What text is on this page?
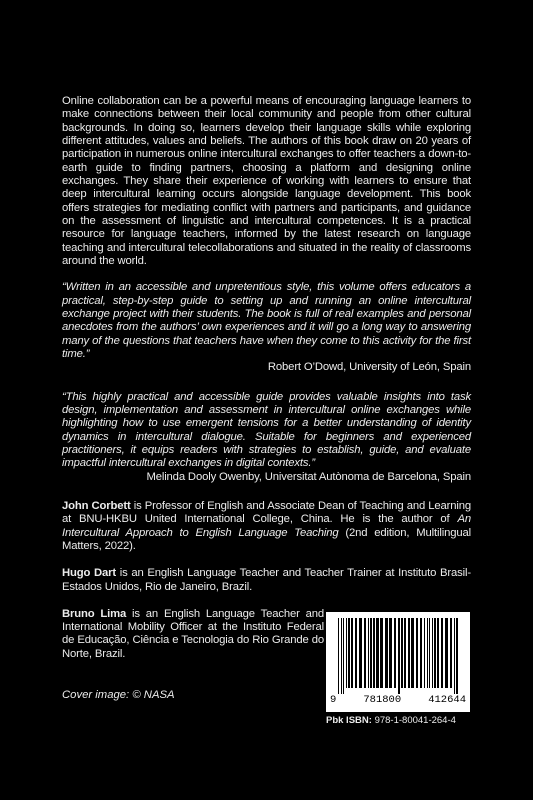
Online collaboration can be a powerful means of encouraging language learners to make connections between their local community and people from other cultural backgrounds. In doing so, learners develop their language skills while exploring different attitudes, values and beliefs. The authors of this book draw on 20 years of participation in numerous online intercultural exchanges to offer teachers a down-to-earth guide to finding partners, choosing a platform and designing online exchanges. They share their experience of working with learners to ensure that deep intercultural learning occurs alongside language development. This book offers strategies for mediating conflict with partners and participants, and guidance on the assessment of linguistic and intercultural competences. It is a practical resource for language teachers, informed by the latest research on language teaching and intercultural telecollaborations and situated in the reality of classrooms around the world.

“Written in an accessible and unpretentious style, this volume offers educators a practical, step-by-step guide to setting up and running an online intercultural exchange project with their students. The book is full of real examples and personal anecdotes from the authors’ own experiences and it will go a long way to answering many of the questions that teachers have when they come to this activity for the first time.”

Robert O’Dowd, University of León, Spain

“This highly practical and accessible guide provides valuable insights into task design, implementation and assessment in intercultural online exchanges while highlighting how to use emergent tensions for a better understanding of identity dynamics in intercultural dialogue. Suitable for beginners and experienced practitioners, it equips readers with strategies to establish, guide, and evaluate impactful intercultural exchanges in digital contexts.”

Melinda Dooly Owenby, Universitat Autònoma de Barcelona, Spain

John Corbett is Professor of English and Associate Dean of Teaching and Learning at BNU-HKBU United International College, China. He is the author of An Intercultural Approach to English Language Teaching (2nd edition, Multilingual Matters, 2022).

Hugo Dart is an English Language Teacher and Teacher Trainer at Instituto Brasil-Estados Unidos, Rio de Janeiro, Brazil.

Bruno Lima is an English Language Teacher and International Mobility Officer at the Instituto Federal de Educação, Ciência e Tecnologia do Rio Grande do Norte, Brazil.

Cover image: © NASA	9	781800	412644
Pbk ISBN: 978-1-80041-264-4
